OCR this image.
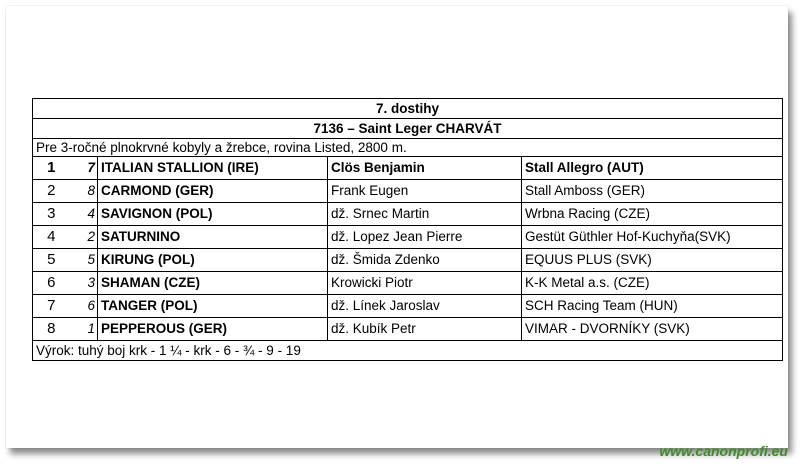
7. dostihy				
7136 – Saint Leger CHARVÁT				
Pre 3-ročné plnokrvné kobyly a žrebce, rovina Listed, 2800 m.				
1	7	ITALIAN STALLION (IRE)	Clös Benjamin	Stall Allegro (AUT)
2	8	CARMOND (GER)	Frank Eugen	Stall Amboss (GER)
3	4	SAVIGNON (POL)	dž. Srnec Martin	Wrbna Racing (CZE)
4	2	SATURNINO	dž. Lopez Jean Pierre	Gestüt Güthler Hof-Kuchyňa(SVK)
5	5	KIRUNG (POL)	dž. Šmida Zdenko	EQUUS PLUS (SVK)
6	3	SHAMAN (CZE)	Krowicki Piotr	K-K Metal a.s. (CZE)
7	6	TANGER (POL)	dž. Línek Jaroslav	SCH Racing Team (HUN)
8	1	PEPPEROUS (GER)	dž. Kubík Petr	VIMAR - DVORNÍKY (SVK)
Výrok: tuhý boj krk - 1 ¼ - krk - 6 - ¾ - 9 - 19				
www.canonprofi.eu
